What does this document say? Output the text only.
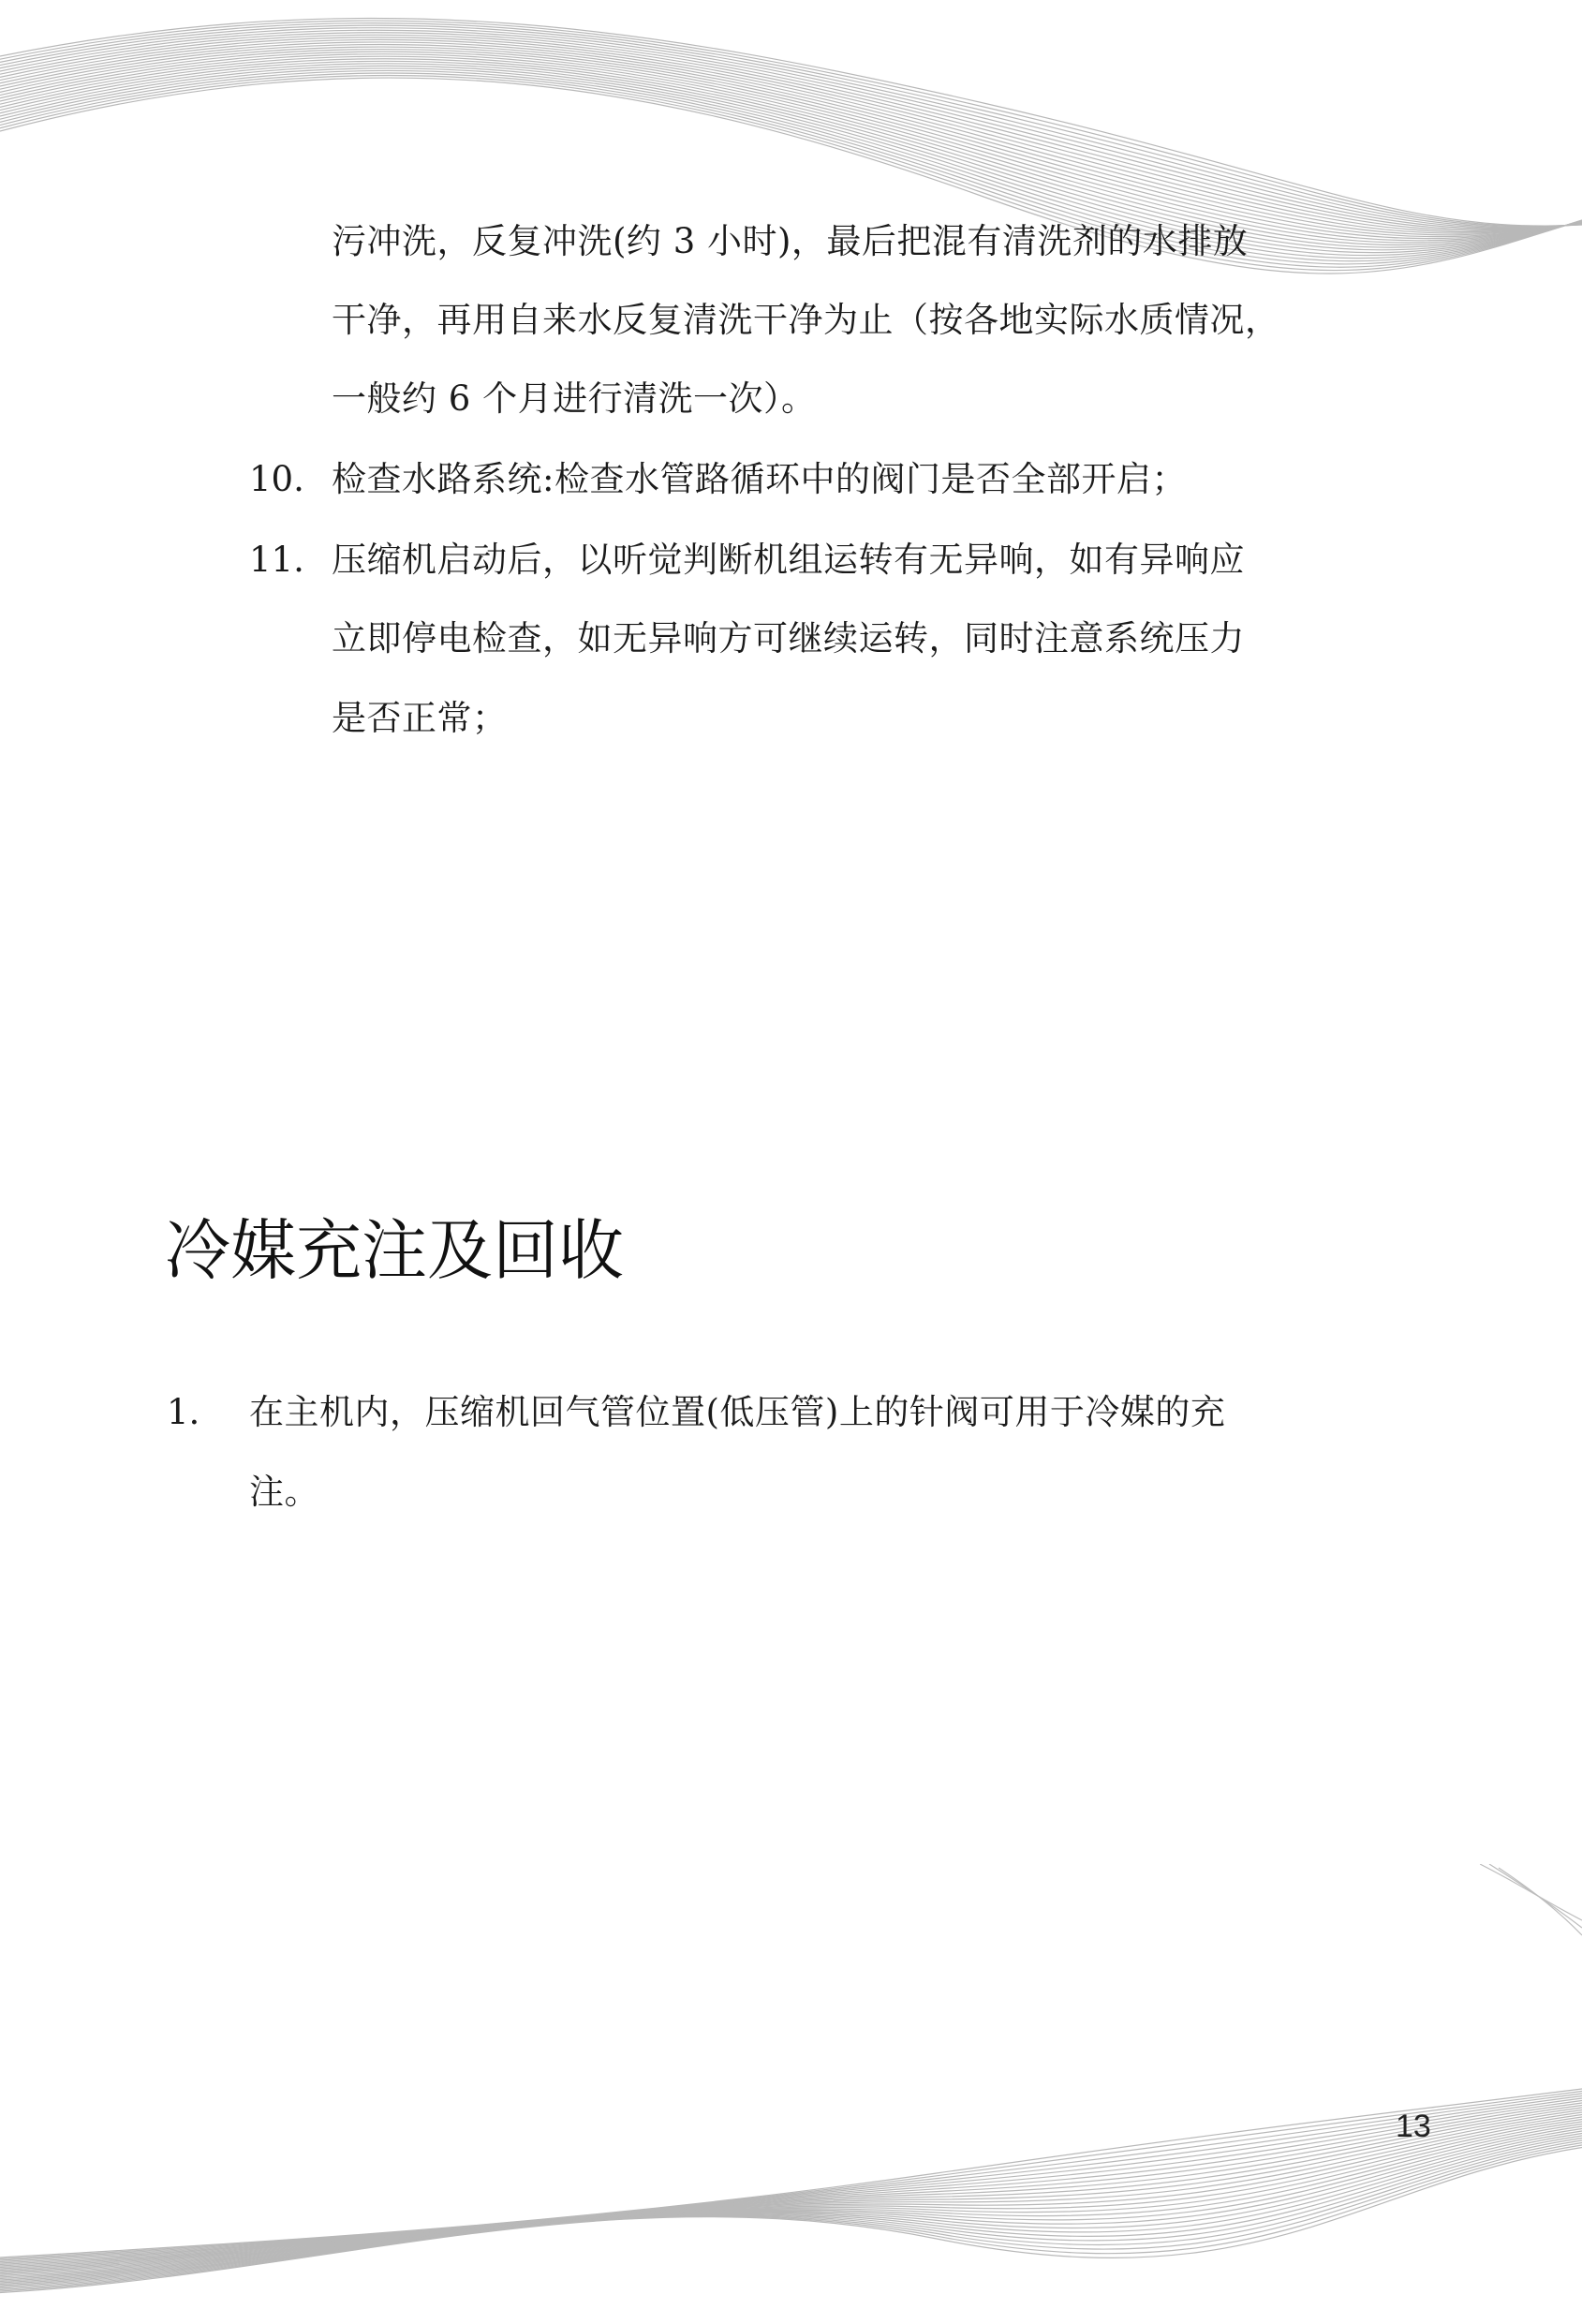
污冲洗，反复冲洗(约 3 小时)，最后把混有清洗剂的水排放
干净，再用自来水反复清洗干净为止（按各地实际水质情况，
一般约 6 个月进行清洗一次）。
10. 检查水路系统:检查水管路循环中的阀门是否全部开启；
11. 压缩机启动后，以听觉判断机组运转有无异响，如有异响应
立即停电检查，如无异响方可继续运转，同时注意系统压力
是否正常；
冷媒充注及回收
1. 在主机内，压缩机回气管位置(低压管)上的针阀可用于冷媒的充
注。
13
